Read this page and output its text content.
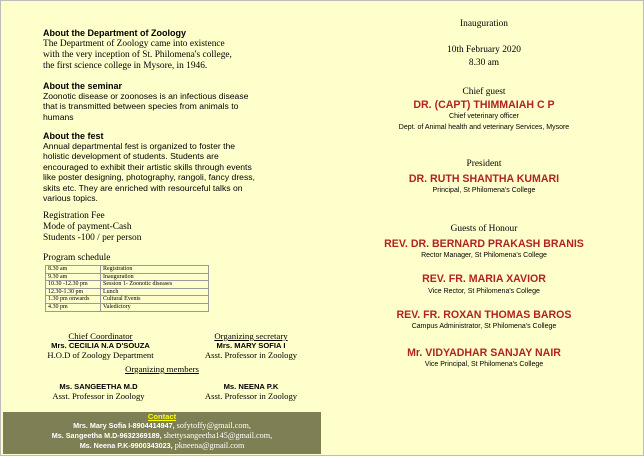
About the Department of Zoology
The Department of Zoology came into existence
with the very inception of St. Philomena's college,
the first science college in Mysore, in 1946.
About the seminar
Zoonotic disease or zoonoses is an infectious disease
that is transmitted between species from animals to
humans
About the fest
Annual departmental fest is organized to foster the
holistic development of students. Students are
encouraged to exhibit their artistic skills through events
like poster designing, photography, rangoli, fancy dress,
skits etc. They are enriched with resourceful talks on
various topics.
Registration Fee
Mode of payment-Cash
Students -100 / per person
Program schedule
8.30 am	Registration
9.30 am	Inauguration
10.30 -12.30 pm	Session 1- Zoonotic diseases
12.30-1.30 pm	Lunch
1.30 pm onwards	Cultural Events
4.30 pm	Valedictory
Chief Coordinator
Mrs. CECILIA N.A D'SOUZA
H.O.D of Zoology Department
Organizing secretary
Mrs. MARY SOFIA I
Asst. Professor in Zoology
Organizing members
Ms. SANGEETHA M.D
Asst. Professor in Zoology
Ms. NEENA P.K
Asst. Professor in Zoology
Contact
Mrs. Mary Sofia I-8904414947, sofytoffy@gmail.com,
Ms. Sangeetha M.D-9632369189, shettysangeetha145@gmail.com,
Ms. Neena P.K-9900343023, pkneena@gmail.com
Inauguration
10th February 2020
8.30 am
Chief guest
DR. (CAPT) THIMMAIAH C P
Chief veterinary officer
Dept. of Animal health and veterinary Services, Mysore
President
DR. RUTH SHANTHA KUMARI
Principal, St Philomena's College
Guests of Honour
REV. DR. BERNARD PRAKASH BRANIS
Rector Manager, St Philomena's College
REV. FR. MARIA XAVIOR
Vice Rector, St Philomena's College
REV. FR. ROXAN THOMAS BAROS
Campus Administrator, St Philomena's College
Mr. VIDYADHAR SANJAY NAIR
Vice Principal, St Philomena's College
